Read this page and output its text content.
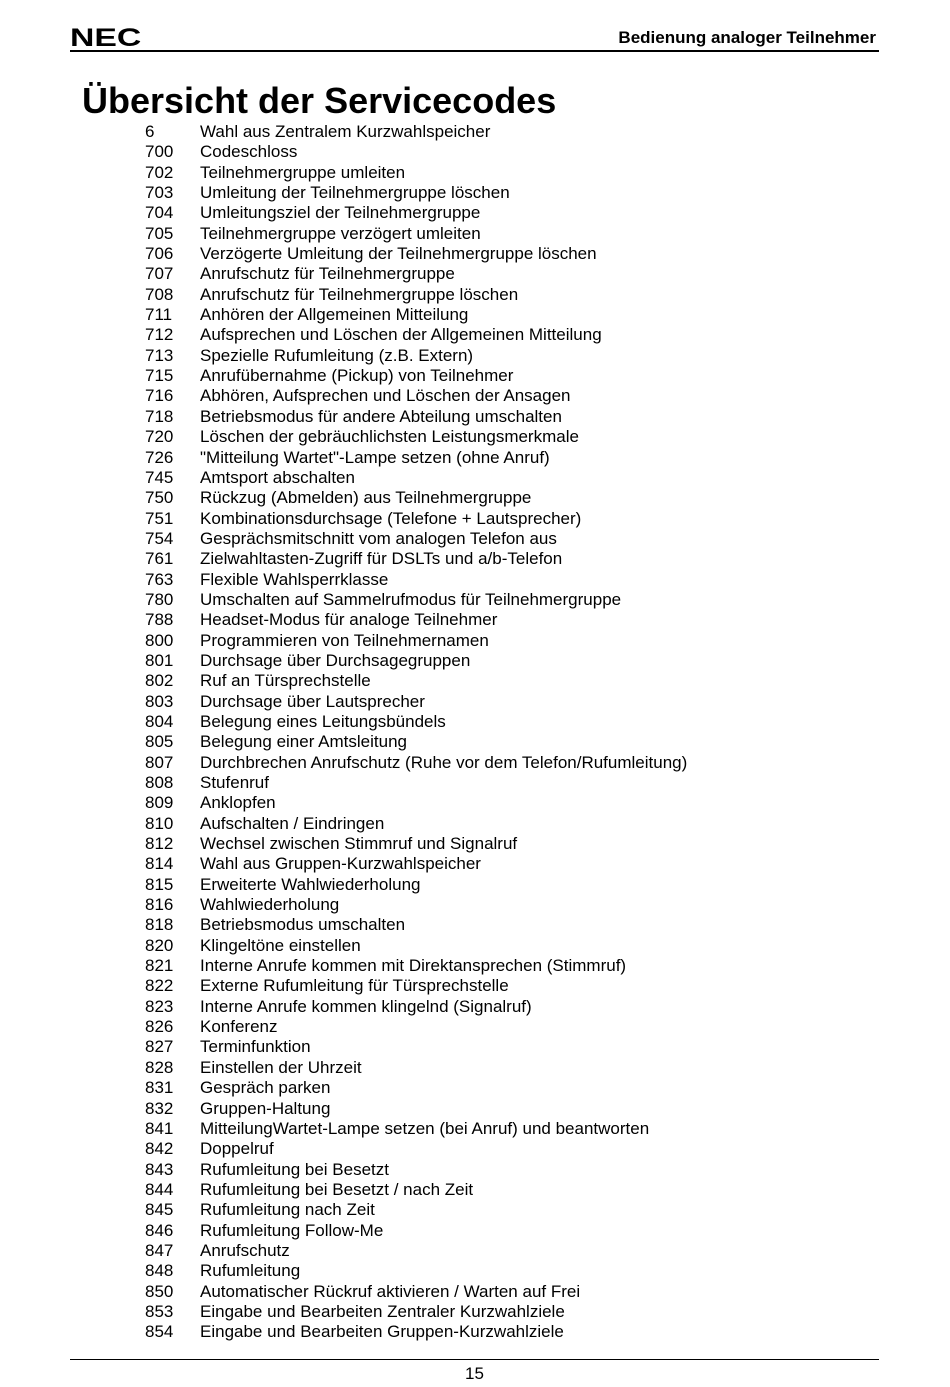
NEC	Bedienung analoger Teilnehmer
Übersicht der Servicecodes
6	Wahl aus Zentralem Kurzwahlspeicher
700 Codeschloss
702 Teilnehmergruppe umleiten
703 Umleitung der Teilnehmergruppe löschen
704 Umleitungsziel der Teilnehmergruppe
705 Teilnehmergruppe verzögert umleiten
706 Verzögerte Umleitung der Teilnehmergruppe löschen
707 Anrufschutz für Teilnehmergruppe
708 Anrufschutz für Teilnehmergruppe löschen
711 Anhören der Allgemeinen Mitteilung
712 Aufsprechen und Löschen der Allgemeinen Mitteilung
713 Spezielle Rufumleitung (z.B. Extern)
715 Anrufübernahme (Pickup) von Teilnehmer
716 Abhören, Aufsprechen und Löschen der Ansagen
718 Betriebsmodus für andere Abteilung umschalten
720 Löschen der gebräuchlichsten Leistungsmerkmale
726 "Mitteilung Wartet"-Lampe setzen (ohne Anruf)
745 Amtsport abschalten
750 Rückzug (Abmelden) aus Teilnehmergruppe
751 Kombinationsdurchsage (Telefone + Lautsprecher)
754 Gesprächsmitschnitt vom analogen Telefon aus
761 Zielwahltasten-Zugriff für DSLTs und a/b-Telefon
763 Flexible Wahlsperrklasse
780 Umschalten auf Sammelrufmodus für Teilnehmergruppe
788 Headset-Modus für analoge Teilnehmer
800 Programmieren von Teilnehmernamen
801 Durchsage über Durchsagegruppen
802 Ruf an Türsprechstelle
803 Durchsage über Lautsprecher
804 Belegung eines Leitungsbündels
805 Belegung einer Amtsleitung
807 Durchbrechen Anrufschutz (Ruhe vor dem Telefon/Rufumleitung)
808 Stufenruf
809 Anklopfen
810 Aufschalten / Eindringen
812 Wechsel zwischen Stimmruf und Signalruf
814 Wahl aus Gruppen-Kurzwahlspeicher
815 Erweiterte Wahlwiederholung
816 Wahlwiederholung
818 Betriebsmodus umschalten
820 Klingeltöne einstellen
821 Interne Anrufe kommen mit Direktansprechen (Stimmruf)
822 Externe Rufumleitung für Türsprechstelle
823 Interne Anrufe kommen klingelnd (Signalruf)
826 Konferenz
827 Terminfunktion
828 Einstellen der Uhrzeit
831 Gespräch parken
832 Gruppen-Haltung
841 MitteilungWartet-Lampe setzen (bei Anruf) und beantworten
842 Doppelruf
843 Rufumleitung bei Besetzt
844 Rufumleitung bei Besetzt / nach Zeit
845 Rufumleitung nach Zeit
846 Rufumleitung Follow-Me
847 Anrufschutz
848 Rufumleitung
850 Automatischer Rückruf aktivieren / Warten auf Frei
853 Eingabe und Bearbeiten Zentraler Kurzwahlziele
854 Eingabe und Bearbeiten Gruppen-Kurzwahlziele
15
